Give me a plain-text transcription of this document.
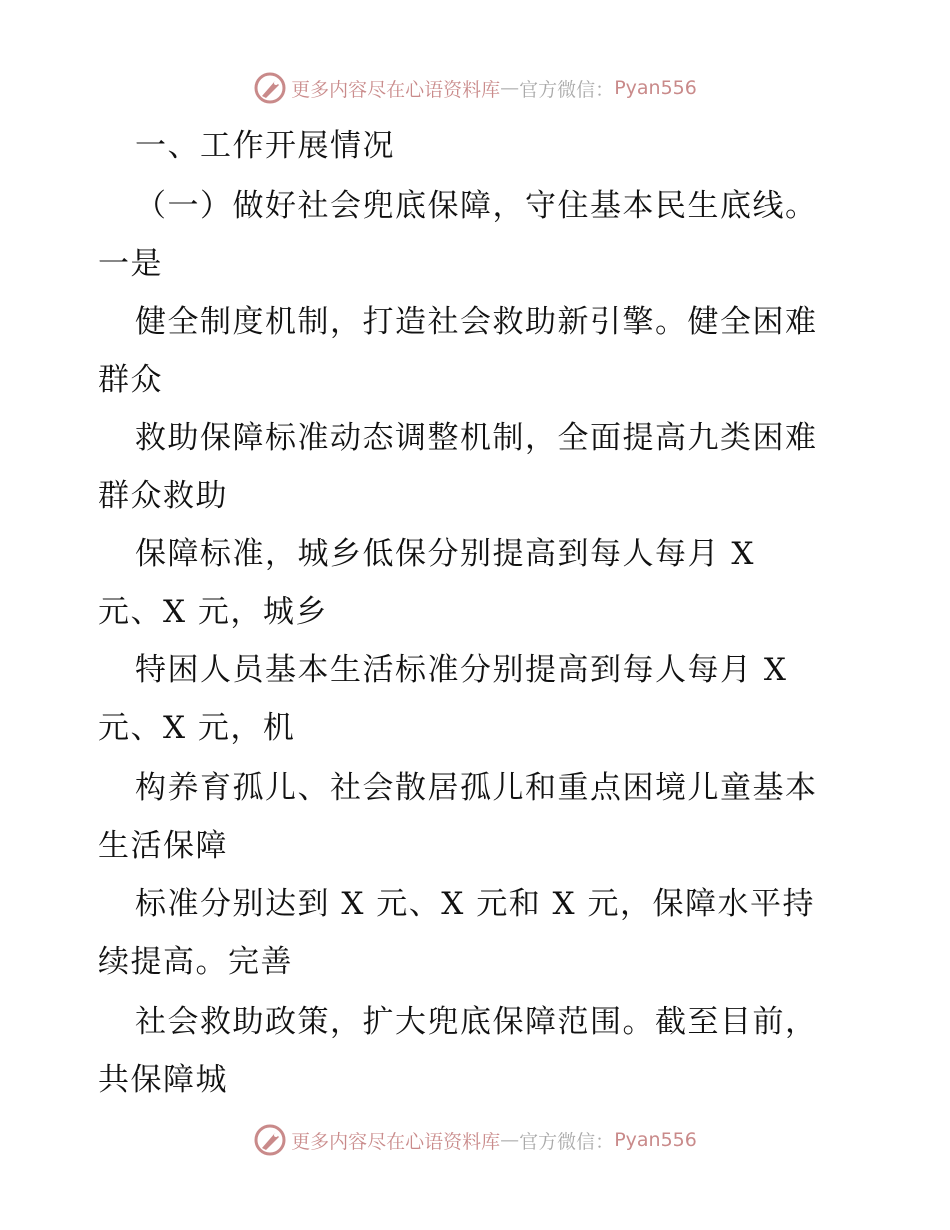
更多内容尽在心语资料库 — 官方微信： Pyan556
一、工作开展情况
（一）做好社会兜底保障，守住基本民生底线。
一是
健全制度机制，打造社会救助新引擎。健全困难
群众
救助保障标准动态调整机制，全面提高九类困难
群众救助
保障标准，城乡低保分别提高到每人每月 X
元、X 元，城乡
特困人员基本生活标准分别提高到每人每月 X
元、X 元，机
构养育孤儿、社会散居孤儿和重点困境儿童基本
生活保障
标准分别达到 X 元、X 元和 X 元，保障水平持
续提高。完善
社会救助政策，扩大兜底保障范围。截至目前，
共保障城
更多内容尽在心语资料库 — 官方微信： Pyan556
